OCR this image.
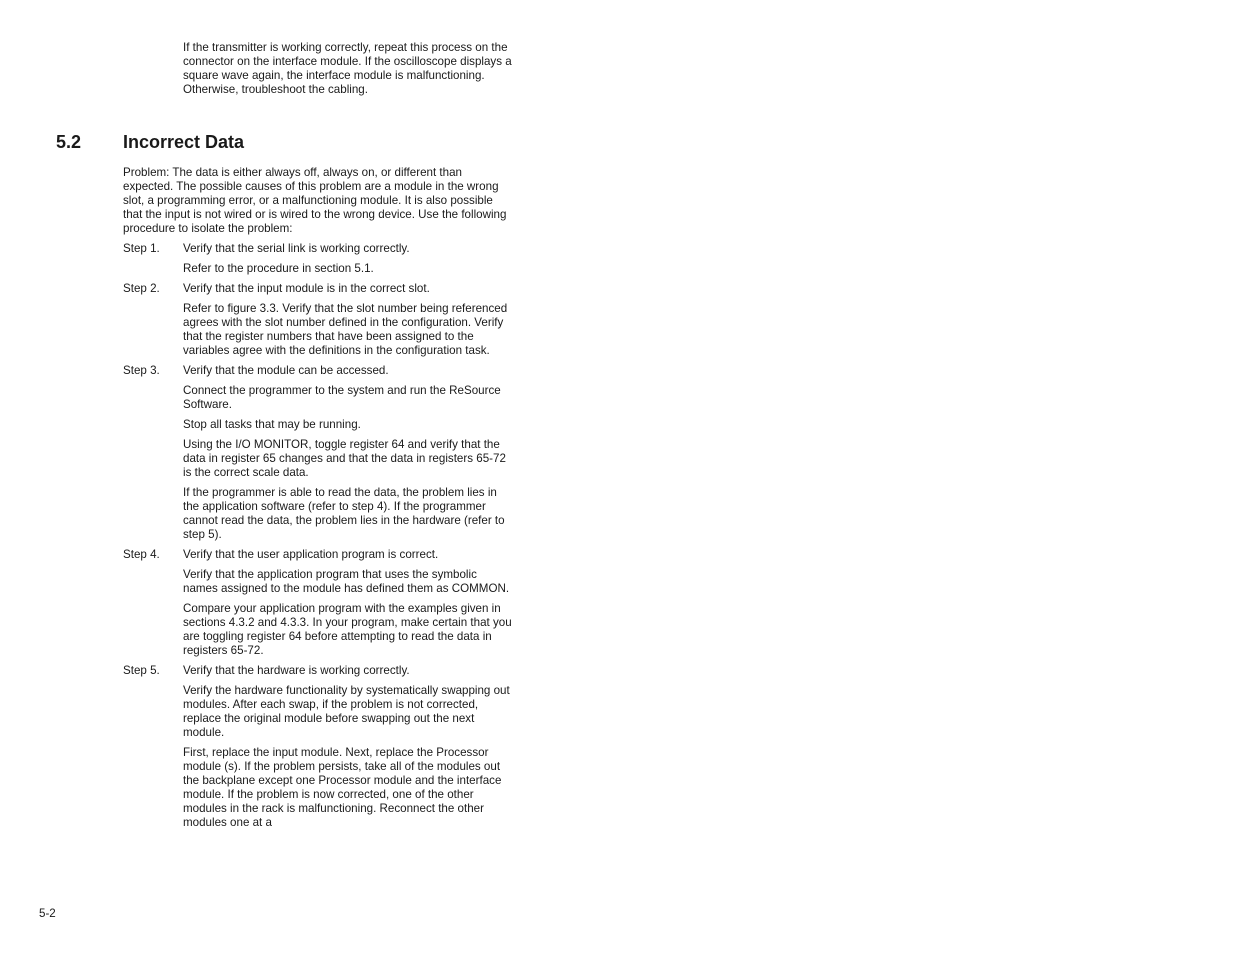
If the transmitter is working correctly, repeat this process on the connector on the interface module. If the oscilloscope displays a square wave again, the interface module is malfunctioning. Otherwise, troubleshoot the cabling.

5.2 Incorrect Data

Problem: The data is either always off, always on, or different than expected. The possible causes of this problem are a module in the wrong slot, a programming error, or a malfunctioning module. It is also possible that the input is not wired or is wired to the wrong device. Use the following procedure to isolate the problem:

Step 1.	Verify that the serial link is working correctly.

Refer to the procedure in section 5.1.

Step 2.	Verify that the input module is in the correct slot.

Refer to figure 3.3. Verify that the slot number being referenced agrees with the slot number defined in the configuration. Verify that the register numbers that have been assigned to the variables agree with the definitions in the configuration task.

Step 3.	Verify that the module can be accessed.

Connect the programmer to the system and run the ReSource Software.

Stop all tasks that may be running.

Using the I/O MONITOR, toggle register 64 and verify that the data in register 65 changes and that the data in registers 65-72 is the correct scale data.

If the programmer is able to read the data, the problem lies in the application software (refer to step 4). If the programmer cannot read the data, the problem lies in the hardware (refer to step 5).

Step 4.	Verify that the user application program is correct.

Verify that the application program that uses the symbolic names assigned to the module has defined them as COMMON.

Compare your application program with the examples given in sections 4.3.2 and 4.3.3. In your program, make certain that you are toggling register 64 before attempting to read the data in registers 65-72.

Step 5.	Verify that the hardware is working correctly.

Verify the hardware functionality by systematically swapping out modules. After each swap, if the problem is not corrected, replace the original module before swapping out the next module.

First, replace the input module. Next, replace the Processor module (s). If the problem persists, take all of the modules out the backplane except one Processor module and the interface module. If the problem is now corrected, one of the other modules in the rack is malfunctioning. Reconnect the other modules one at a

5-2
